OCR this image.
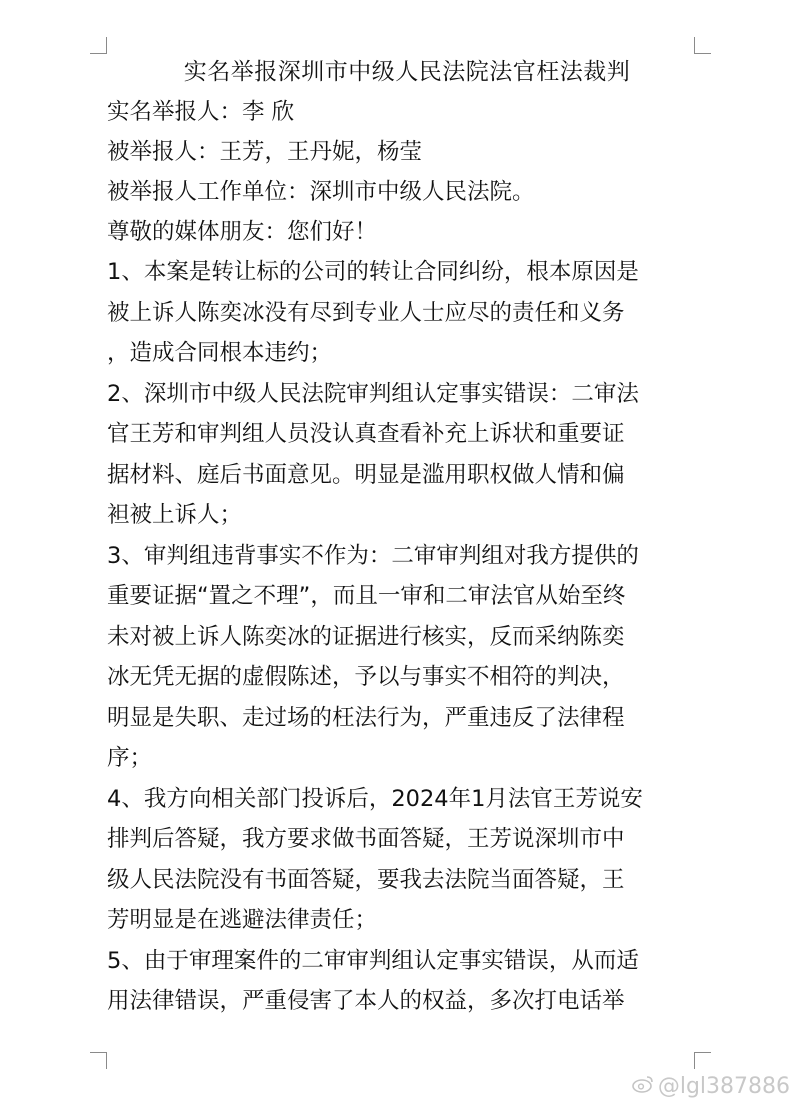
实名举报深圳市中级人民法院法官枉法裁判

实名举报人：李 欣

被举报人：王芳，王丹妮，杨莹

被举报人工作单位：深圳市中级人民法院。

尊敬的媒体朋友：您们好！

1、本案是转让标的公司的转让合同纠纷，根本原因是

被上诉人陈奕冰没有尽到专业人士应尽的责任和义务

，造成合同根本违约；

2、深圳市中级人民法院审判组认定事实错误：二审法

官王芳和审判组人员没认真查看补充上诉状和重要证

据材料、庭后书面意见。明显是滥用职权做人情和偏

袒被上诉人；

3、审判组违背事实不作为：二审审判组对我方提供的

重要证据“置之不理”，而且一审和二审法官从始至终

未对被上诉人陈奕冰的证据进行核实，反而采纳陈奕

冰无凭无据的虚假陈述，予以与事实不相符的判决，

明显是失职、走过场的枉法行为，严重违反了法律程

序；

4、我方向相关部门投诉后，2024年1月法官王芳说安

排判后答疑，我方要求做书面答疑，王芳说深圳市中

级人民法院没有书面答疑，要我去法院当面答疑，王

芳明显是在逃避法律责任；

5、由于审理案件的二审审判组认定事实错误，从而适

用法律错误，严重侵害了本人的权益，多次打电话举

@lgl387886
